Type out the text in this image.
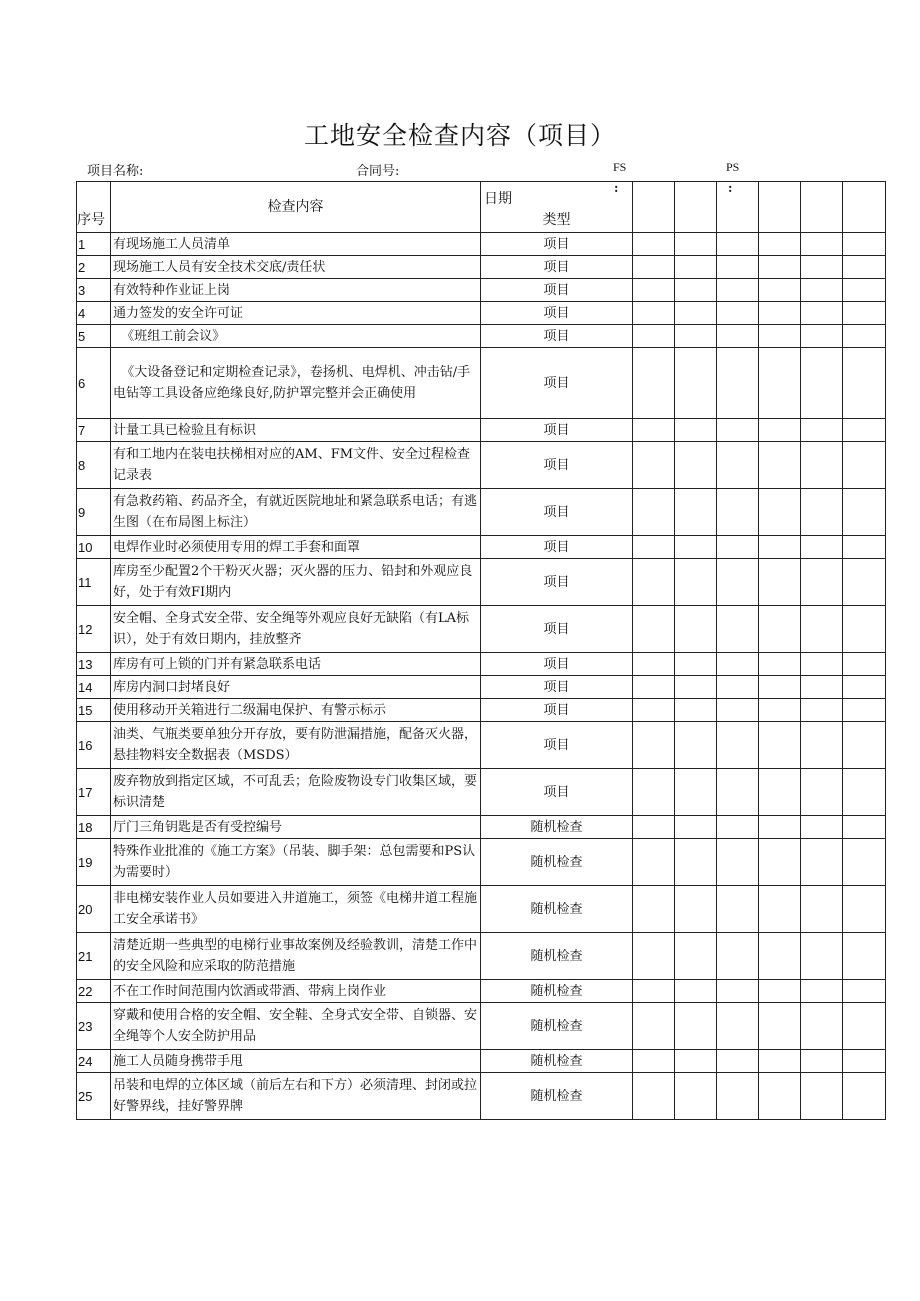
工地安全检查内容（项目）
项目名称:	合同号:	FS	PS
:	:
序号	检查内容	日期
类型						

1	有现场施工人员清单	项目						
2	现场施工人员有安全技术交底/责任状	项目						
3	有效特种作业证上岗	项目						
4	通力签发的安全许可证	项目						
5	《班组工前会议》	项目						
6	《大设备登记和定期检查记录》，卷扬机、电焊机、冲击钻/手电钻等工具设备应绝缘良好,防护罩完整并会正确使用	项目						
7	计量工具已检验且有标识	项目						
8	有和工地内在装电扶梯相对应的AM、FM文件、安全过程检查记录表	项目						
9	有急救药箱、药品齐全，有就近医院地址和紧急联系电话；有逃生图（在布局图上标注）	项目						
10	电焊作业时必须使用专用的焊工手套和面罩	项目						
11	库房至少配置2个干粉灭火器；灭火器的压力、铅封和外观应良好，处于有效FI期内	项目						
12	安全帽、全身式安全带、安全绳等外观应良好无缺陷（有LA标识），处于有效日期内，挂放整齐	项目						
13	库房有可上锁的门并有紧急联系电话	项目						
14	库房内洞口封堵良好	项目						
15	使用移动开关箱进行二级漏电保护、有警示标示	项目						
16	油类、气瓶类要单独分开存放，要有防泄漏措施，配备灭火器，悬挂物料安全数据表（MSDS）	项目						
17	废弃物放到指定区域，不可乱丢；危险废物设专门收集区域，要标识清楚	项目						
18	厅门三角钥匙是否有受控编号	随机检查						
19	特殊作业批准的《施工方案》（吊装、脚手架：总包需要和PS认为需要时）	随机检查						
20	非电梯安装作业人员如要进入井道施工，须签《电梯井道工程施工安全承诺书》	随机检查						
21	清楚近期一些典型的电梯行业事故案例及经验教训，清楚工作中的安全风险和应采取的防范措施	随机检查						
22	不在工作时间范围内饮酒或带酒、带病上岗作业	随机检查						
23	穿戴和使用合格的安全帽、安全鞋、全身式安全带、自锁器、安全绳等个人安全防护用品	随机检查						
24	施工人员随身携带手甩	随机检查						
25	吊装和电焊的立体区域（前后左右和下方）必须清理、封闭或拉好警界线，挂好警界牌	随机检查						
